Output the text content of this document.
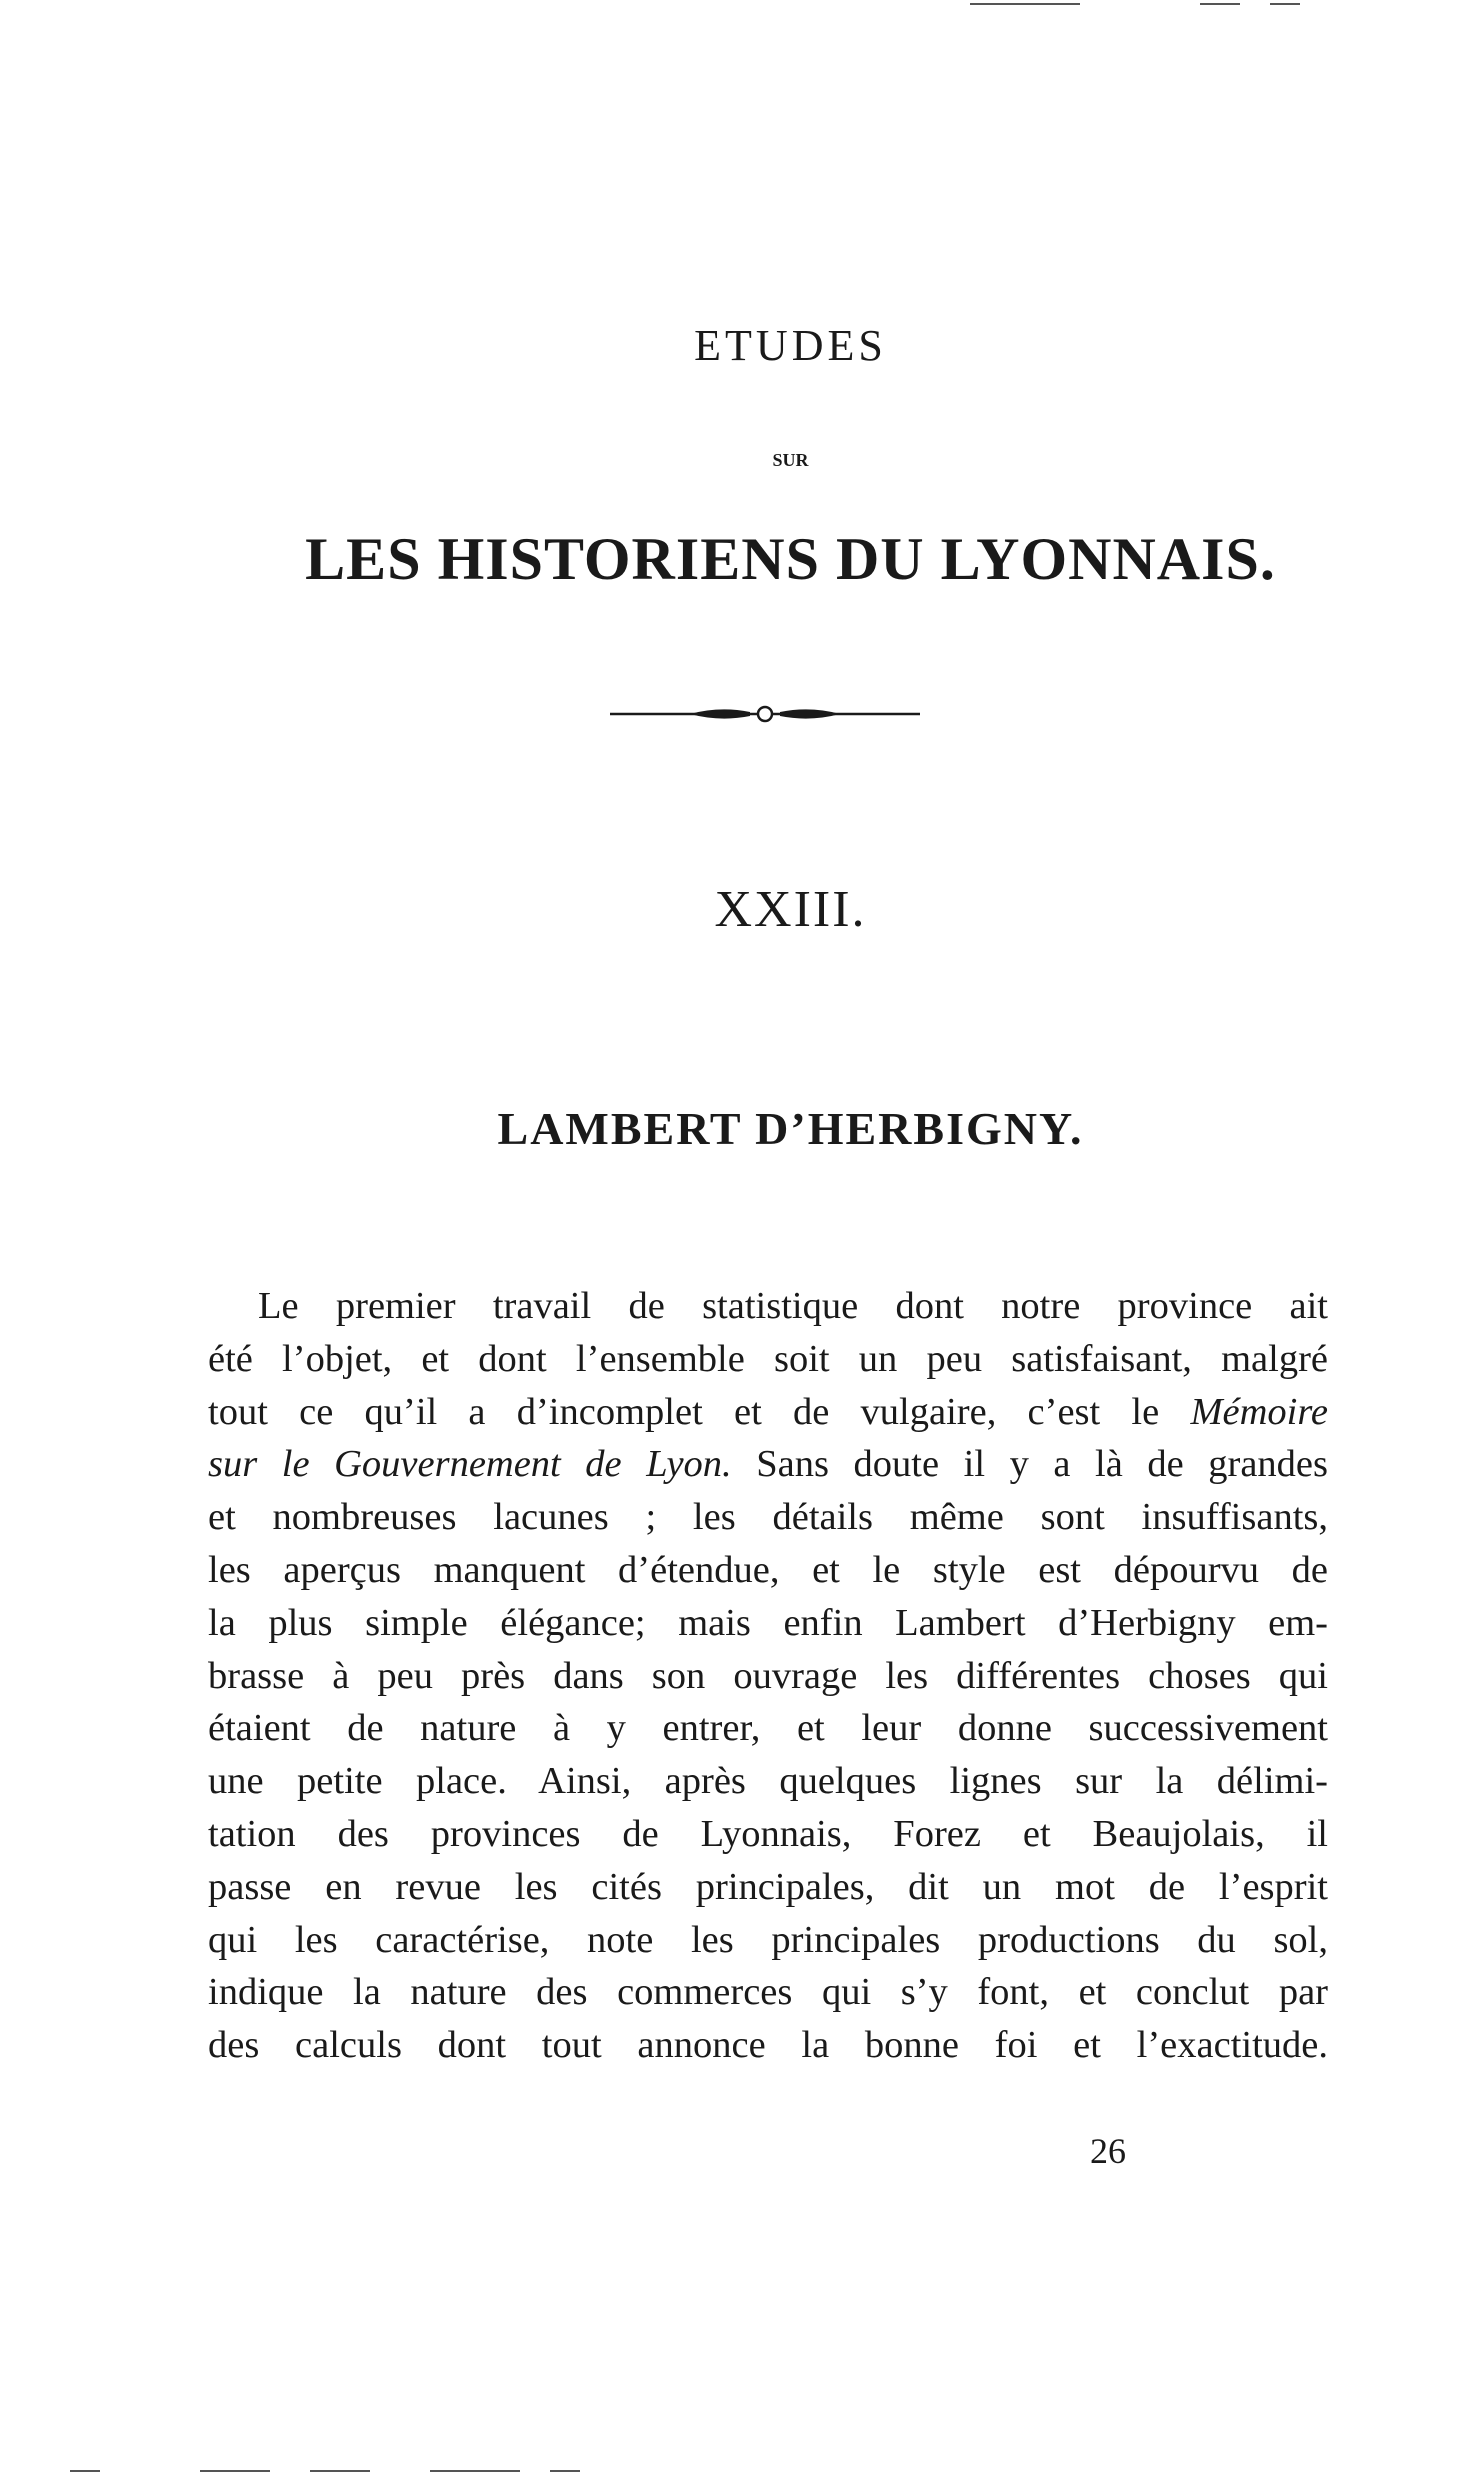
ETUDES
SUR
LES HISTORIENS DU LYONNAIS.
XXIII.
LAMBERT D’HERBIGNY.
Le premier travail de statistique dont notre province ait
été l’objet, et dont l’ensemble soit un peu satisfaisant, malgré
tout ce qu’il a d’incomplet et de vulgaire, c’est le Mémoire
sur le Gouvernement de Lyon. Sans doute il y a là de grandes
et nombreuses lacunes ; les détails même sont insuffisants,
les aperçus manquent d’étendue, et le style est dépourvu de
la plus simple élégance; mais enfin Lambert d’Herbigny em-
brasse à peu près dans son ouvrage les différentes choses qui
étaient de nature à y entrer, et leur donne successivement
une petite place. Ainsi, après quelques lignes sur la délimi-
tation des provinces de Lyonnais, Forez et Beaujolais, il
passe en revue les cités principales, dit un mot de l’esprit
qui les caractérise, note les principales productions du sol,
indique la nature des commerces qui s’y font, et conclut par
des calculs dont tout annonce la bonne foi et l’exactitude.
26
